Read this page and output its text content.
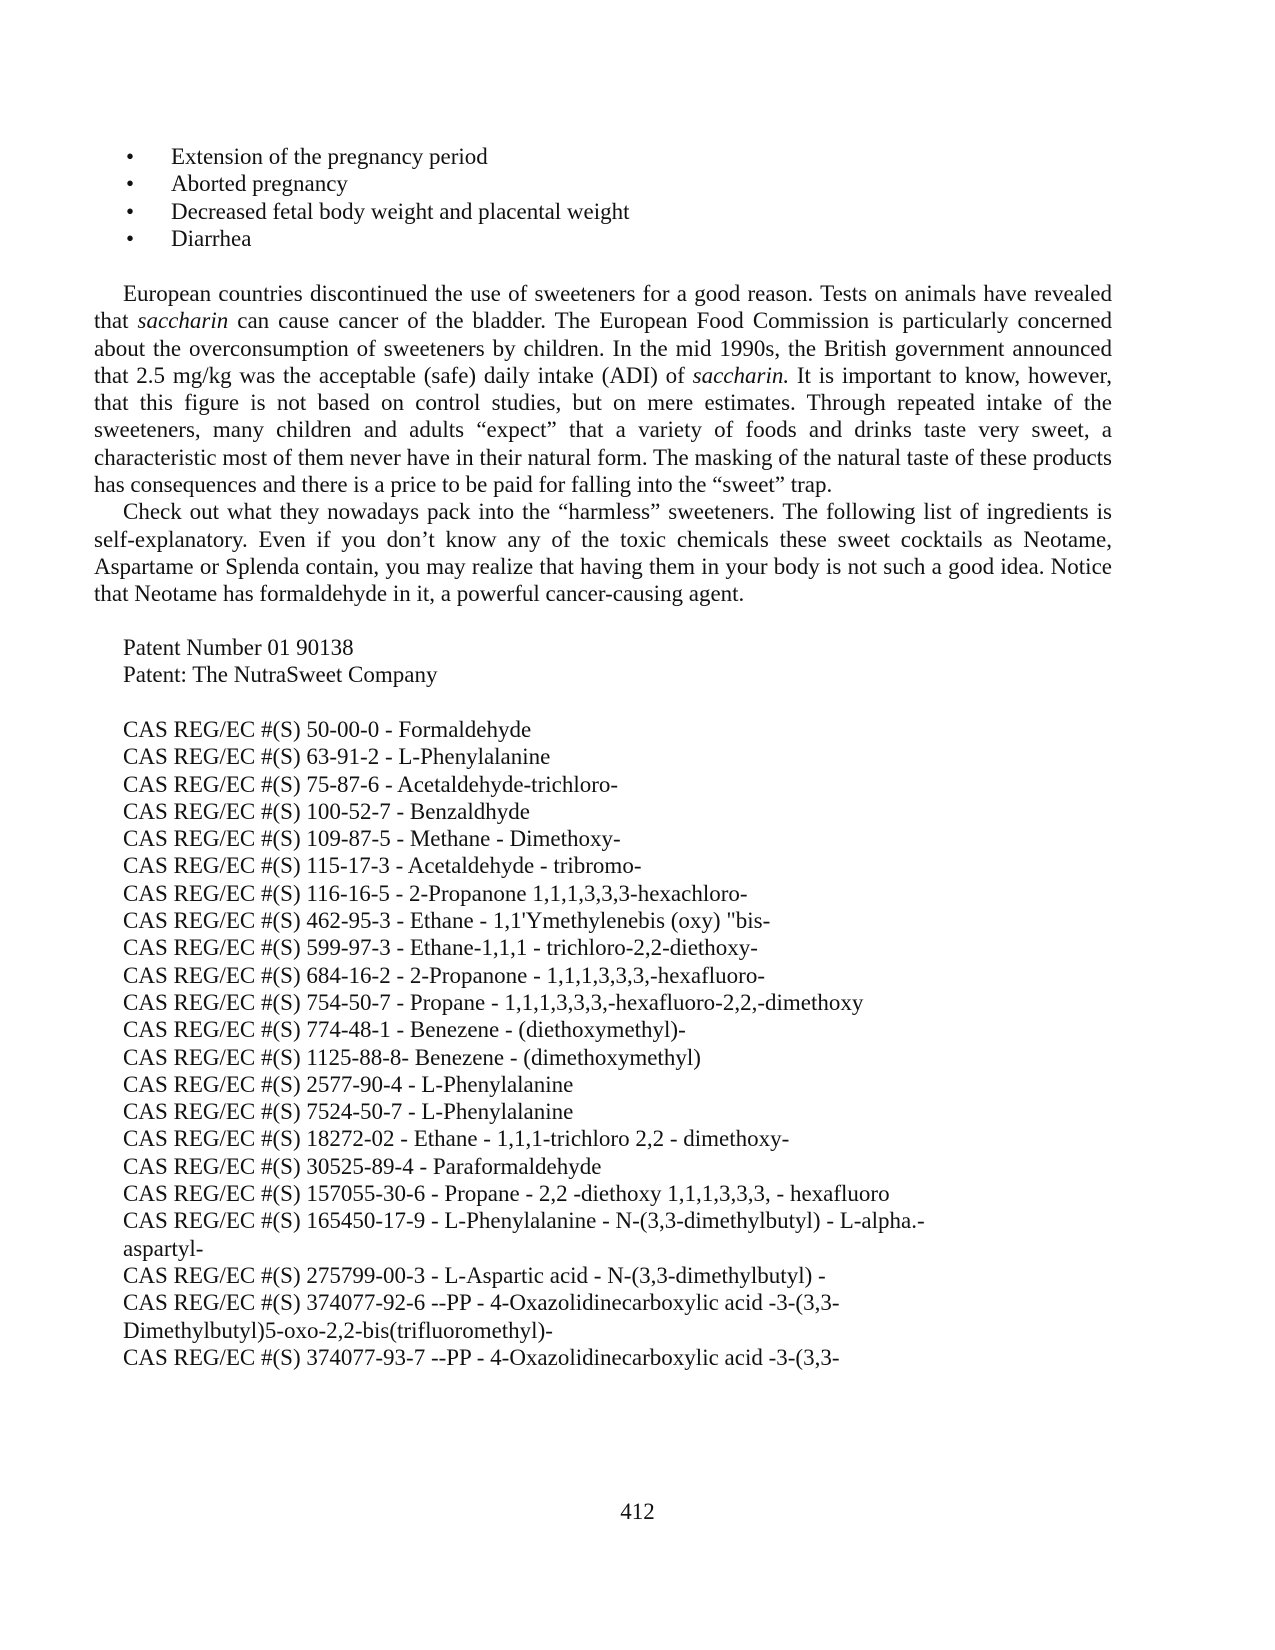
• Extension of the pregnancy period
• Aborted pregnancy
• Decreased fetal body weight and placental weight
• Diarrhea

European countries discontinued the use of sweeteners for a good reason. Tests on animals have revealed that saccharin can cause cancer of the bladder. The European Food Commission is particularly concerned about the overconsumption of sweeteners by children. In the mid 1990s, the British government announced that 2.5 mg/kg was the acceptable (safe) daily intake (ADI) of saccharin. It is important to know, however, that this figure is not based on control studies, but on mere estimates. Through repeated intake of the sweeteners, many children and adults “expect” that a variety of foods and drinks taste very sweet, a characteristic most of them never have in their natural form. The masking of the natural taste of these products has consequences and there is a price to be paid for falling into the “sweet” trap.

Check out what they nowadays pack into the “harmless” sweeteners. The following list of ingredients is self-explanatory. Even if you don’t know any of the toxic chemicals these sweet cocktails as Neotame, Aspartame or Splenda contain, you may realize that having them in your body is not such a good idea. Notice that Neotame has formaldehyde in it, a powerful cancer-causing agent.

Patent Number 01 90138
Patent: The NutraSweet Company
CAS REG/EC #(S) 50-00-0 - Formaldehyde
CAS REG/EC #(S) 63-91-2 - L-Phenylalanine
CAS REG/EC #(S) 75-87-6 - Acetaldehyde-trichloro-
CAS REG/EC #(S) 100-52-7 - Benzaldhyde
CAS REG/EC #(S) 109-87-5 - Methane - Dimethoxy-
CAS REG/EC #(S) 115-17-3 - Acetaldehyde - tribromo-
CAS REG/EC #(S) 116-16-5 - 2-Propanone 1,1,1,3,3,3-hexachloro-
CAS REG/EC #(S) 462-95-3 - Ethane - 1,1'Ymethylenebis (oxy) "bis-
CAS REG/EC #(S) 599-97-3 - Ethane-1,1,1 - trichloro-2,2-diethoxy-
CAS REG/EC #(S) 684-16-2 - 2-Propanone - 1,1,1,3,3,3,-hexafluoro-
CAS REG/EC #(S) 754-50-7 - Propane - 1,1,1,3,3,3,-hexafluoro-2,2,-dimethoxy
CAS REG/EC #(S) 774-48-1 - Benezene - (diethoxymethyl)-
CAS REG/EC #(S) 1125-88-8- Benezene - (dimethoxymethyl)
CAS REG/EC #(S) 2577-90-4 - L-Phenylalanine
CAS REG/EC #(S) 7524-50-7 - L-Phenylalanine
CAS REG/EC #(S) 18272-02 - Ethane - 1,1,1-trichloro 2,2 - dimethoxy-
CAS REG/EC #(S) 30525-89-4 - Paraformaldehyde
CAS REG/EC #(S) 157055-30-6 - Propane - 2,2 -diethoxy 1,1,1,3,3,3, - hexafluoro
CAS REG/EC #(S) 165450-17-9 - L-Phenylalanine - N-(3,3-dimethylbutyl) - L-alpha.-aspartyl-
CAS REG/EC #(S) 275799-00-3 - L-Aspartic acid - N-(3,3-dimethylbutyl) -
CAS REG/EC #(S) 374077-92-6 --PP - 4-Oxazolidinecarboxylic acid -3-(3,3-Dimethylbutyl)5-oxo-2,2-bis(trifluoromethyl)-
CAS REG/EC #(S) 374077-93-7 --PP - 4-Oxazolidinecarboxylic acid -3-(3,3-
412
